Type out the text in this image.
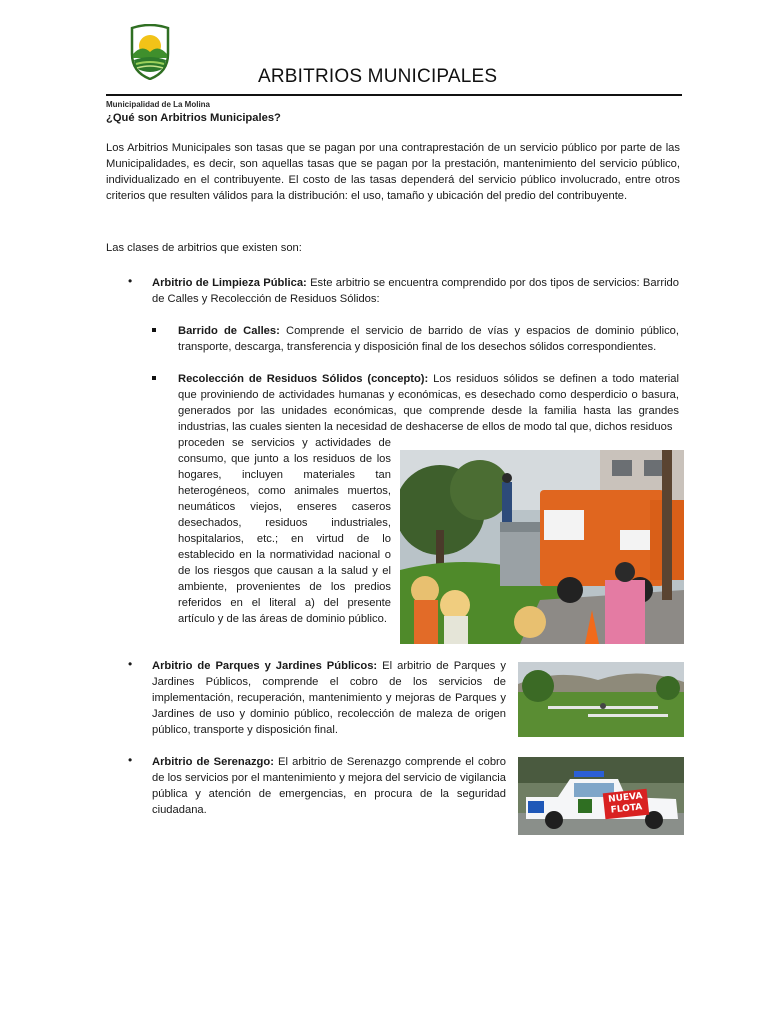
Municipalidad de La Molina
ARBITRIOS MUNICIPALES
¿Qué son Arbitrios Municipales?
Los Arbitrios Municipales son tasas que se pagan por una contraprestación de un servicio público por parte de las Municipalidades, es decir, son aquellas tasas que se pagan por la prestación, mantenimiento del servicio público, individualizado en el contribuyente. El costo de las tasas dependerá del servicio público involucrado, entre otros criterios que resulten válidos para la distribución: el uso, tamaño y ubicación del predio del contribuyente.
Las clases de arbitrios que existen son:
• Arbitrio de Limpieza Pública: Este arbitrio se encuentra comprendido por dos tipos de servicios: Barrido de Calles y Recolección de Residuos Sólidos:
Barrido de Calles: Comprende el servicio de barrido de vías y espacios de dominio público, transporte, descarga, transferencia y disposición final de los desechos sólidos correspondientes.
Recolección de Residuos Sólidos (concepto): Los residuos sólidos se definen a todo material que proviniendo de actividades humanas y económicas, es desechado como desperdicio o basura, generados por las unidades económicas, que comprende desde la familia hasta las grandes industrias, las cuales sienten la necesidad de deshacerse de ellos de modo tal que, dichos residuos
proceden se servicios y actividades de consumo, que junto a los residuos de los hogares, incluyen materiales tan heterogéneos, como animales muertos, neumáticos viejos, enseres caseros desechados, residuos industriales, hospitalarios, etc.; en virtud de lo establecido en la normatividad nacional o de los riesgos que causan a la salud y el ambiente, provenientes de los predios referidos en el literal a) del presente artículo y de las áreas de dominio público.
• Arbitrio de Parques y Jardines Públicos: El arbitrio de Parques y Jardines Públicos, comprende el cobro de los servicios de implementación, recuperación, mantenimiento y mejoras de Parques y Jardines de uso y dominio público, recolección de maleza de origen público, transporte y disposición final.
• Arbitrio de Serenazgo: El arbitrio de Serenazgo comprende el cobro de los servicios por el mantenimiento y mejora del servicio de vigilancia pública y atención de emergencias, en procura de la seguridad ciudadana.
NUEVA
FLOTA
